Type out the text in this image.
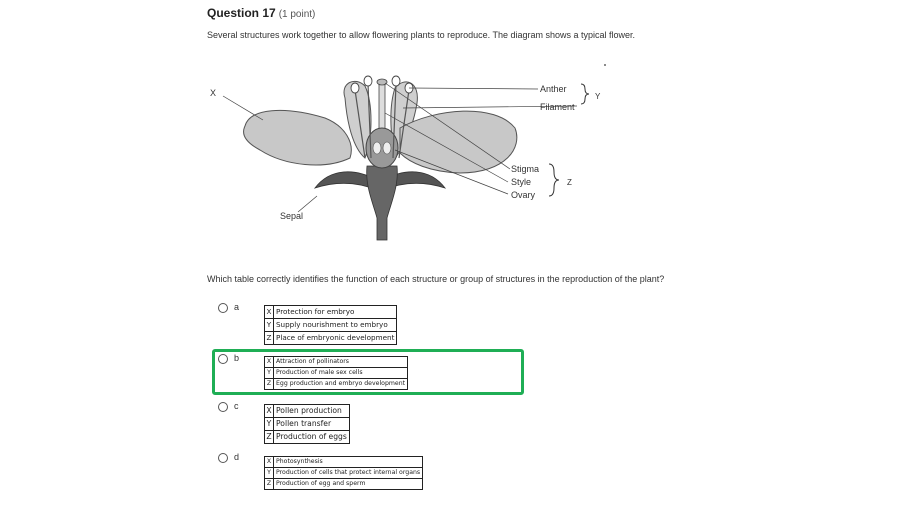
Question 17 (1 point)
Several structures work together to allow flowering plants to reproduce. The diagram shows a typical flower.
X	Anther
Filament
Y
Stigma
Style
Ovary
Z
Sepal
Which table correctly identifies the function of each structure or group of structures in the reproduction of the plant?
a	X	Protection for embryo
Y	Supply nourishment to embryo
Z	Place of embryonic development
b	X	Attraction of pollinators
Y	Production of male sex cells
Z	Egg production and embryo development
c	X	Pollen production
Y	Pollen transfer
Z	Production of eggs
d	X	Photosynthesis
Y	Production of cells that protect internal organs
Z	Production of egg and sperm
